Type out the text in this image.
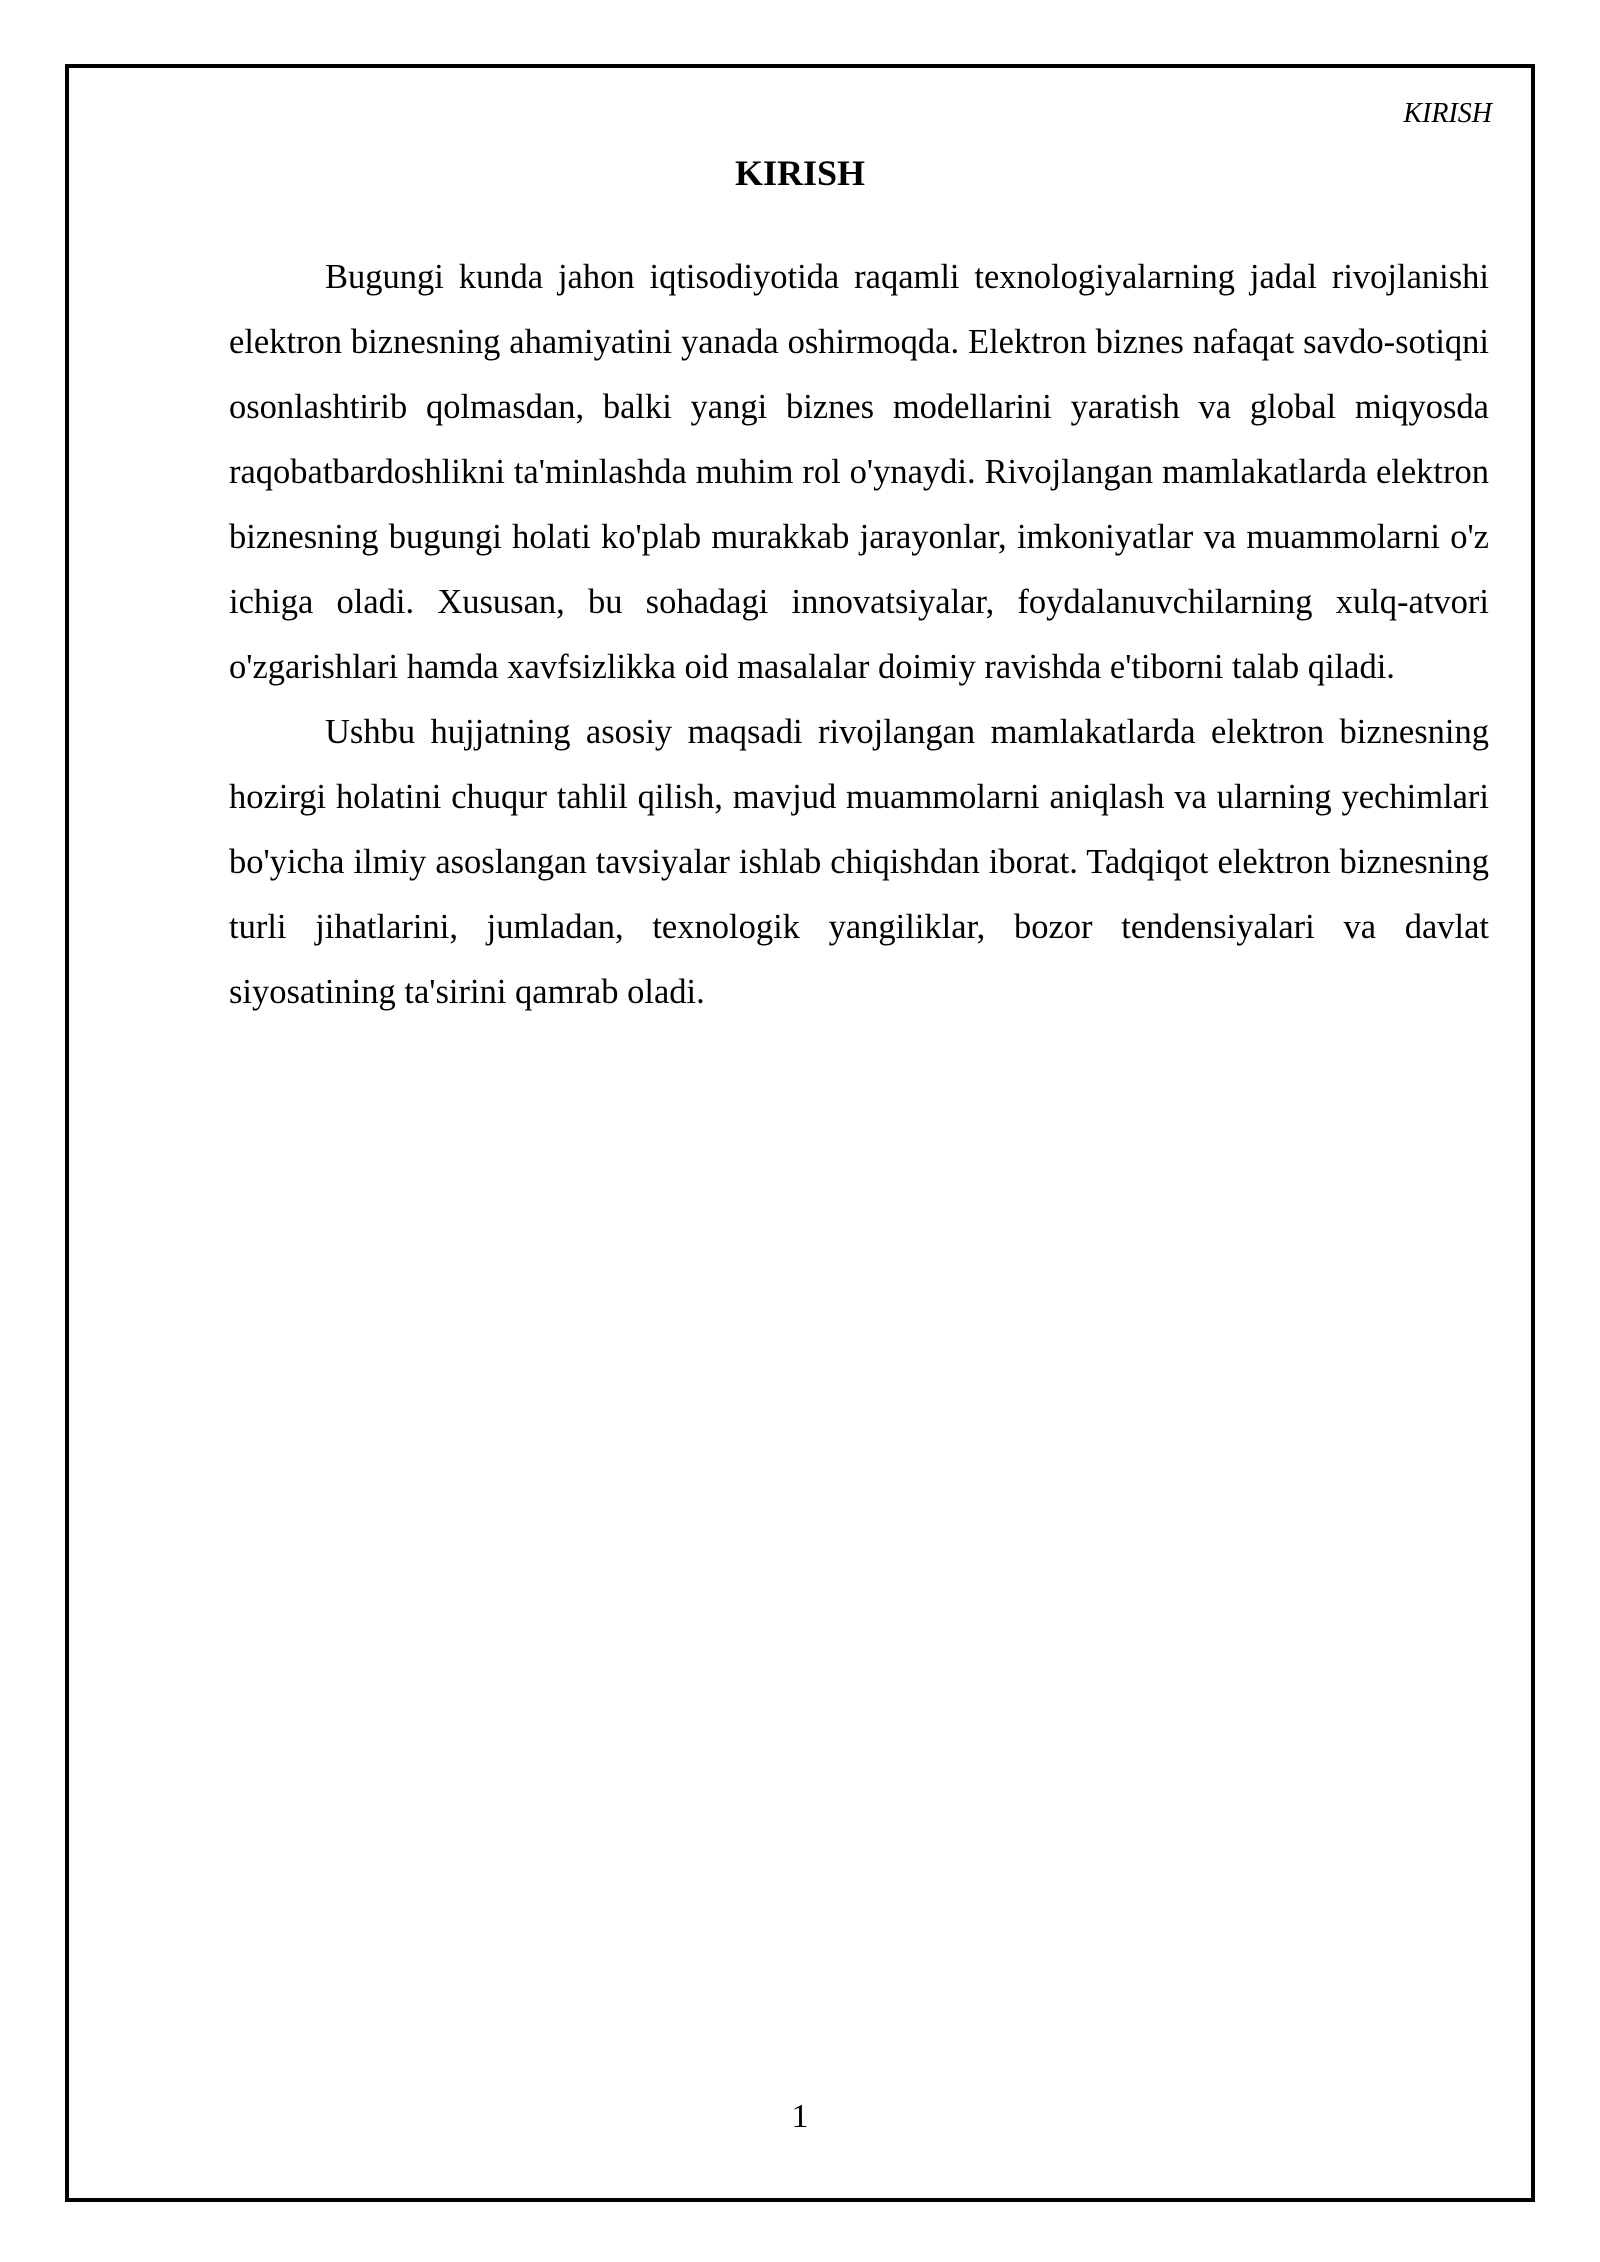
KIRISH
KIRISH

Bugungi kunda jahon iqtisodiyotida raqamli texnologiyalarning jadal rivojlanishi elektron biznesning ahamiyatini yanada oshirmoqda. Elektron biznes nafaqat savdo-sotiqni osonlashtirib qolmasdan, balki yangi biznes modellarini yaratish va global miqyosda raqobatbardoshlikni ta'minlashda muhim rol o'ynaydi. Rivojlangan mamlakatlarda elektron biznesning bugungi holati ko'plab murakkab jarayonlar, imkoniyatlar va muammolarni o'z ichiga oladi. Xususan, bu sohadagi innovatsiyalar, foydalanuvchilarning xulq-atvori o'zgarishlari hamda xavfsizlikka oid masalalar doimiy ravishda e'tiborni talab qiladi.

Ushbu hujjatning asosiy maqsadi rivojlangan mamlakatlarda elektron biznesning hozirgi holatini chuqur tahlil qilish, mavjud muammolarni aniqlash va ularning yechimlari bo'yicha ilmiy asoslangan tavsiyalar ishlab chiqishdan iborat. Tadqiqot elektron biznesning turli jihatlarini, jumladan, texnologik yangiliklar, bozor tendensiyalari va davlat siyosatining ta'sirini qamrab oladi.

1
